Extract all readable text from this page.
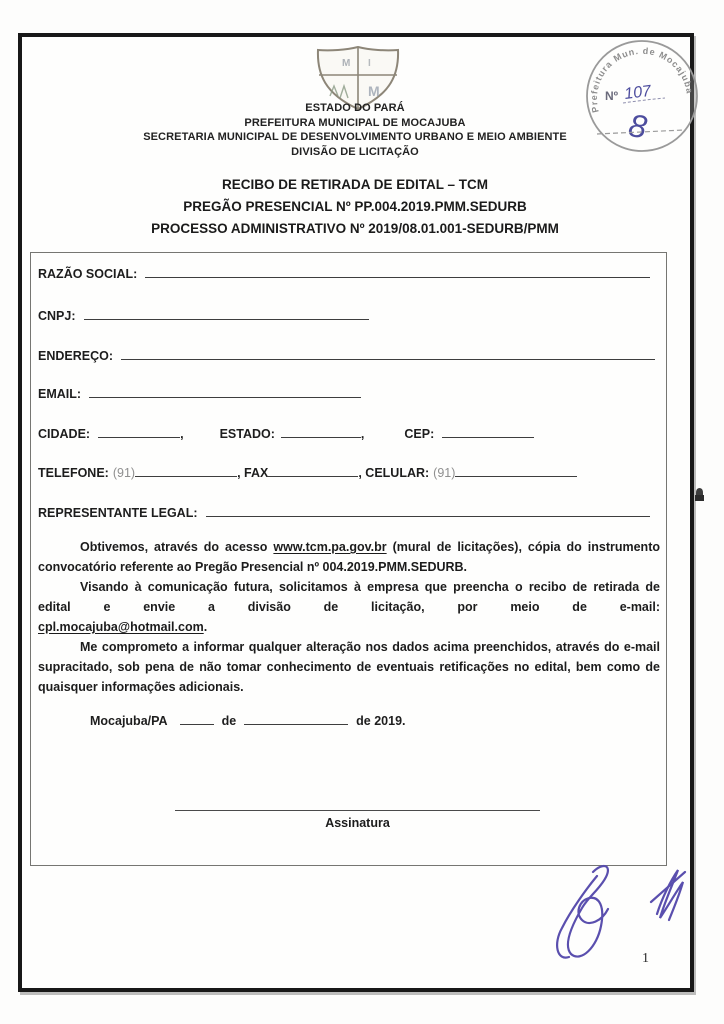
M I
M
Prefeitura Mun. de Mocajuba
Nº 107
8
ESTADO DO PARÁ
PREFEITURA MUNICIPAL DE MOCAJUBA
SECRETARIA MUNICIPAL DE DESENVOLVIMENTO URBANO E MEIO AMBIENTE
DIVISÃO DE LICITAÇÃO
RECIBO DE RETIRADA DE EDITAL – TCM
PREGÃO PRESENCIAL Nº PP.004.2019.PMM.SEDURB
PROCESSO ADMINISTRATIVO Nº 2019/08.01.001-SEDURB/PMM
RAZÃO SOCIAL:
CNPJ:
ENDEREÇO:
EMAIL:
CIDADE:	,	ESTADO:	,	CEP:
TELEFONE: (91)	, FAX	, CELULAR: (91)
REPRESENTANTE LEGAL:

Obtivemos, através do acesso www.tcm.pa.gov.br (mural de licitações), cópia do instrumento convocatório referente ao Pregão Presencial nº 004.2019.PMM.SEDURB.

Visando à comunicação futura, solicitamos à empresa que preencha o recibo de retirada de edital e envie a divisão de licitação, por meio de e-mail:

cpl.mocajuba@hotmail.com.

Me comprometo a informar qualquer alteração nos dados acima preenchidos, através do e-mail supracitado, sob pena de não tomar conhecimento de eventuais retificações no edital, bem como de quaisquer informações adicionais.

Mocajuba/PA	de	de 2019.
Assinatura
1
